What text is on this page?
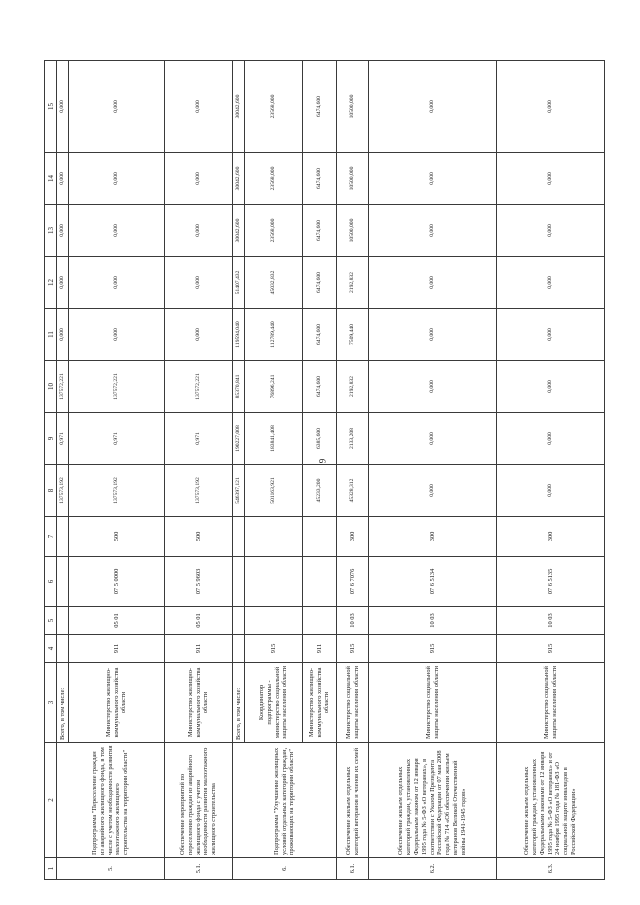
9
1	2	3	4	5	6	7	8	9	10	11	12	13	14	15
5.	Подпрограмма "Переселение граждан из аварийного жилищного фонда, в том числе с учетом необходимости развития малоэтажного жилищного строительства на территории области"	Всего, в том числе:					137573,192	0,971	137572,221	0,000	0,000	0,000	0,000	0,000
		Министерство жилищно-коммунального хозяйства области	911	05 01	07 5 0000	500	137573,192	0,971	137572,221	0,000	0,000	0,000	0,000	0,000
5.1.	Обеспечение мероприятий по переселению граждан из аварийного жилищного фонда с учетом необходимости развития малоэтажного жилищного строительства	Министерство жилищно-коммунального хозяйства области	911	05 01	07 5 9603	500	137573,192	0,971	137572,221	0,000	0,000	0,000	0,000	0,000
6.	Подпрограмма "Улучшение жилищных условий отдельных категорий граждан, проживающих на территории области"	Всего, в том числе:					546397,121	190227,008	85370,841	119594,040	51407,432	30042,600	30042,600	30042,600
		Координатор подпрограммы - министерство социальной защиты населения области	915				501163,921	183841,408	76896,241	112789,440	45032,832	23568,000	23568,000	23568,000
		Министерство жилищно-коммунального хозяйства области	911				45233,200	6385,600	6474,600	6474,600	6474,600	6474,600	6474,600	6474,600
6.1.	Обеспечение жильем отдельных категорий ветеранов и членов их семей	Министерство социальной защиты населения области	915	10 03	07 6 7076	300	45328,312	2133,208	2192,832	7509,440	2192,832	10500,000	10500,000	10500,000
6.2.	Обеспечение жильем отдельных категорий граждан, установленных Федеральным законом от 12 января 1995 года № 5-ФЗ «О ветеранах», в соответствии с Указом Президента Российской Федерации от 07 мая 2008 года № 714 «Об обеспечении жильем ветеранов Великой Отечественной войны 1941-1945 годов»	Министерство социальной защиты населения области	915	10 03	07 6 5134	300	0,000	0,000	0,000	0,000	0,000	0,000	0,000	0,000
6.3.	Обеспечение жильем отдельных категорий граждан, установленных Федеральными законами от 12 января 1995 года № 5-ФЗ «О ветеранах» и от 24 ноября 1995 года № 181-ФЗ «О социальной защите инвалидов в Российской Федерации»	Министерство социальной защиты населения области	915	10 03	07 6 5135	300	0,000	0,000	0,000	0,000	0,000	0,000	0,000	0,000
